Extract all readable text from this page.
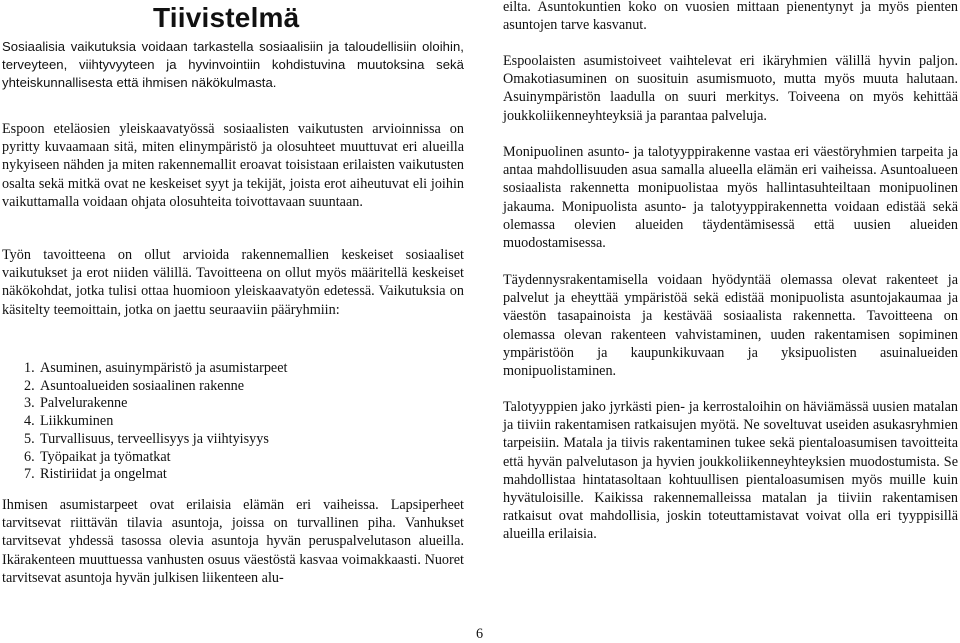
Tiivistelmä

Sosiaalisia vaikutuksia voidaan tarkastella sosiaalisiin ja taloudellisiin oloihin, terveyteen, viihtyvyyteen ja hyvinvointiin kohdistuvina muutoksina sekä yhteiskunnallisesta että ihmisen näkökulmasta.

Espoon eteläosien yleiskaavatyössä sosiaalisten vaikutusten arvioinnissa on pyritty kuvaamaan sitä, miten elinympäristö ja olosuhteet muuttuvat eri alueilla nykyiseen nähden ja miten rakennemallit eroavat toisistaan erilaisten vaikutusten osalta sekä mitkä ovat ne keskeiset syyt ja tekijät, joista erot aiheutuvat eli joihin vaikuttamalla voidaan ohjata olosuhteita toivottavaan suuntaan.

Työn tavoitteena on ollut arvioida rakennemallien keskeiset sosiaaliset vaikutukset ja erot niiden välillä. Tavoitteena on ollut myös määritellä keskeiset näkökohdat, jotka tulisi ottaa huomioon yleiskaavatyön edetessä. Vaikutuksia on käsitelty teemoittain, jotka on jaettu seuraaviin pääryhmiin:

1. Asuminen, asuinympäristö ja asumistarpeet
2. Asuntoalueiden sosiaalinen rakenne
3. Palvelurakenne
4. Liikkuminen
5. Turvallisuus, terveellisyys ja viihtyisyys
6. Työpaikat ja työmatkat
7. Ristiriidat ja ongelmat

Ihmisen asumistarpeet ovat erilaisia elämän eri vaiheissa. Lapsiperheet tarvitsevat riittävän tilavia asuntoja, joissa on turvallinen piha. Vanhukset tarvitsevat yhdessä tasossa olevia asuntoja hyvän peruspalvelutason alueilla. Ikärakenteen muuttuessa vanhusten osuus väestöstä kasvaa voimakkaasti. Nuoret tarvitsevat asuntoja hyvän julkisen liikenteen alu-

eilta. Asuntokuntien koko on vuosien mittaan pienentynyt ja myös pienten asuntojen tarve kasvanut.

Espoolaisten asumistoiveet vaihtelevat eri ikäryhmien välillä hyvin paljon. Omakotiasuminen on suosituin asumismuoto, mutta myös muuta halutaan. Asuinympäristön laadulla on suuri merkitys. Toiveena on myös kehittää joukkoliikenneyhteyksiä ja parantaa palveluja.

Monipuolinen asunto- ja talotyyppirakenne vastaa eri väestöryhmien tarpeita ja antaa mahdollisuuden asua samalla alueella elämän eri vaiheissa. Asuntoalueen sosiaalista rakennetta monipuolistaa myös hallintasuhteiltaan monipuolinen jakauma. Monipuolista asunto- ja talotyyppirakennetta voidaan edistää sekä olemassa olevien alueiden täydentämisessä että uusien alueiden muodostamisessa.

Täydennysrakentamisella voidaan hyödyntää olemassa olevat rakenteet ja palvelut ja eheyttää ympäristöä sekä edistää monipuolista asuntojakaumaa ja väestön tasapainoista ja kestävää sosiaalista rakennetta. Tavoitteena on olemassa olevan rakenteen vahvistaminen, uuden rakentamisen sopiminen ympäristöön ja kaupunkikuvaan ja yksipuolisten asuinalueiden monipuolistaminen.

Talotyyppien jako jyrkästi pien- ja kerrostaloihin on häviämässä uusien matalan ja tiiviin rakentamisen ratkaisujen myötä. Ne soveltuvat useiden asukasryhmien tarpeisiin. Matala ja tiivis rakentaminen tukee sekä pientaloasumisen tavoitteita että hyvän palvelutason ja hyvien joukkoliikenneyhteyksien muodostumista. Se mahdollistaa hintatasoltaan kohtuullisen pientaloasumisen myös muille kuin hyvätuloisille. Kaikissa rakennemalleissa matalan ja tiiviin rakentamisen ratkaisut ovat mahdollisia, joskin toteuttamistavat voivat olla eri tyyppisillä alueilla erilaisia.

6
